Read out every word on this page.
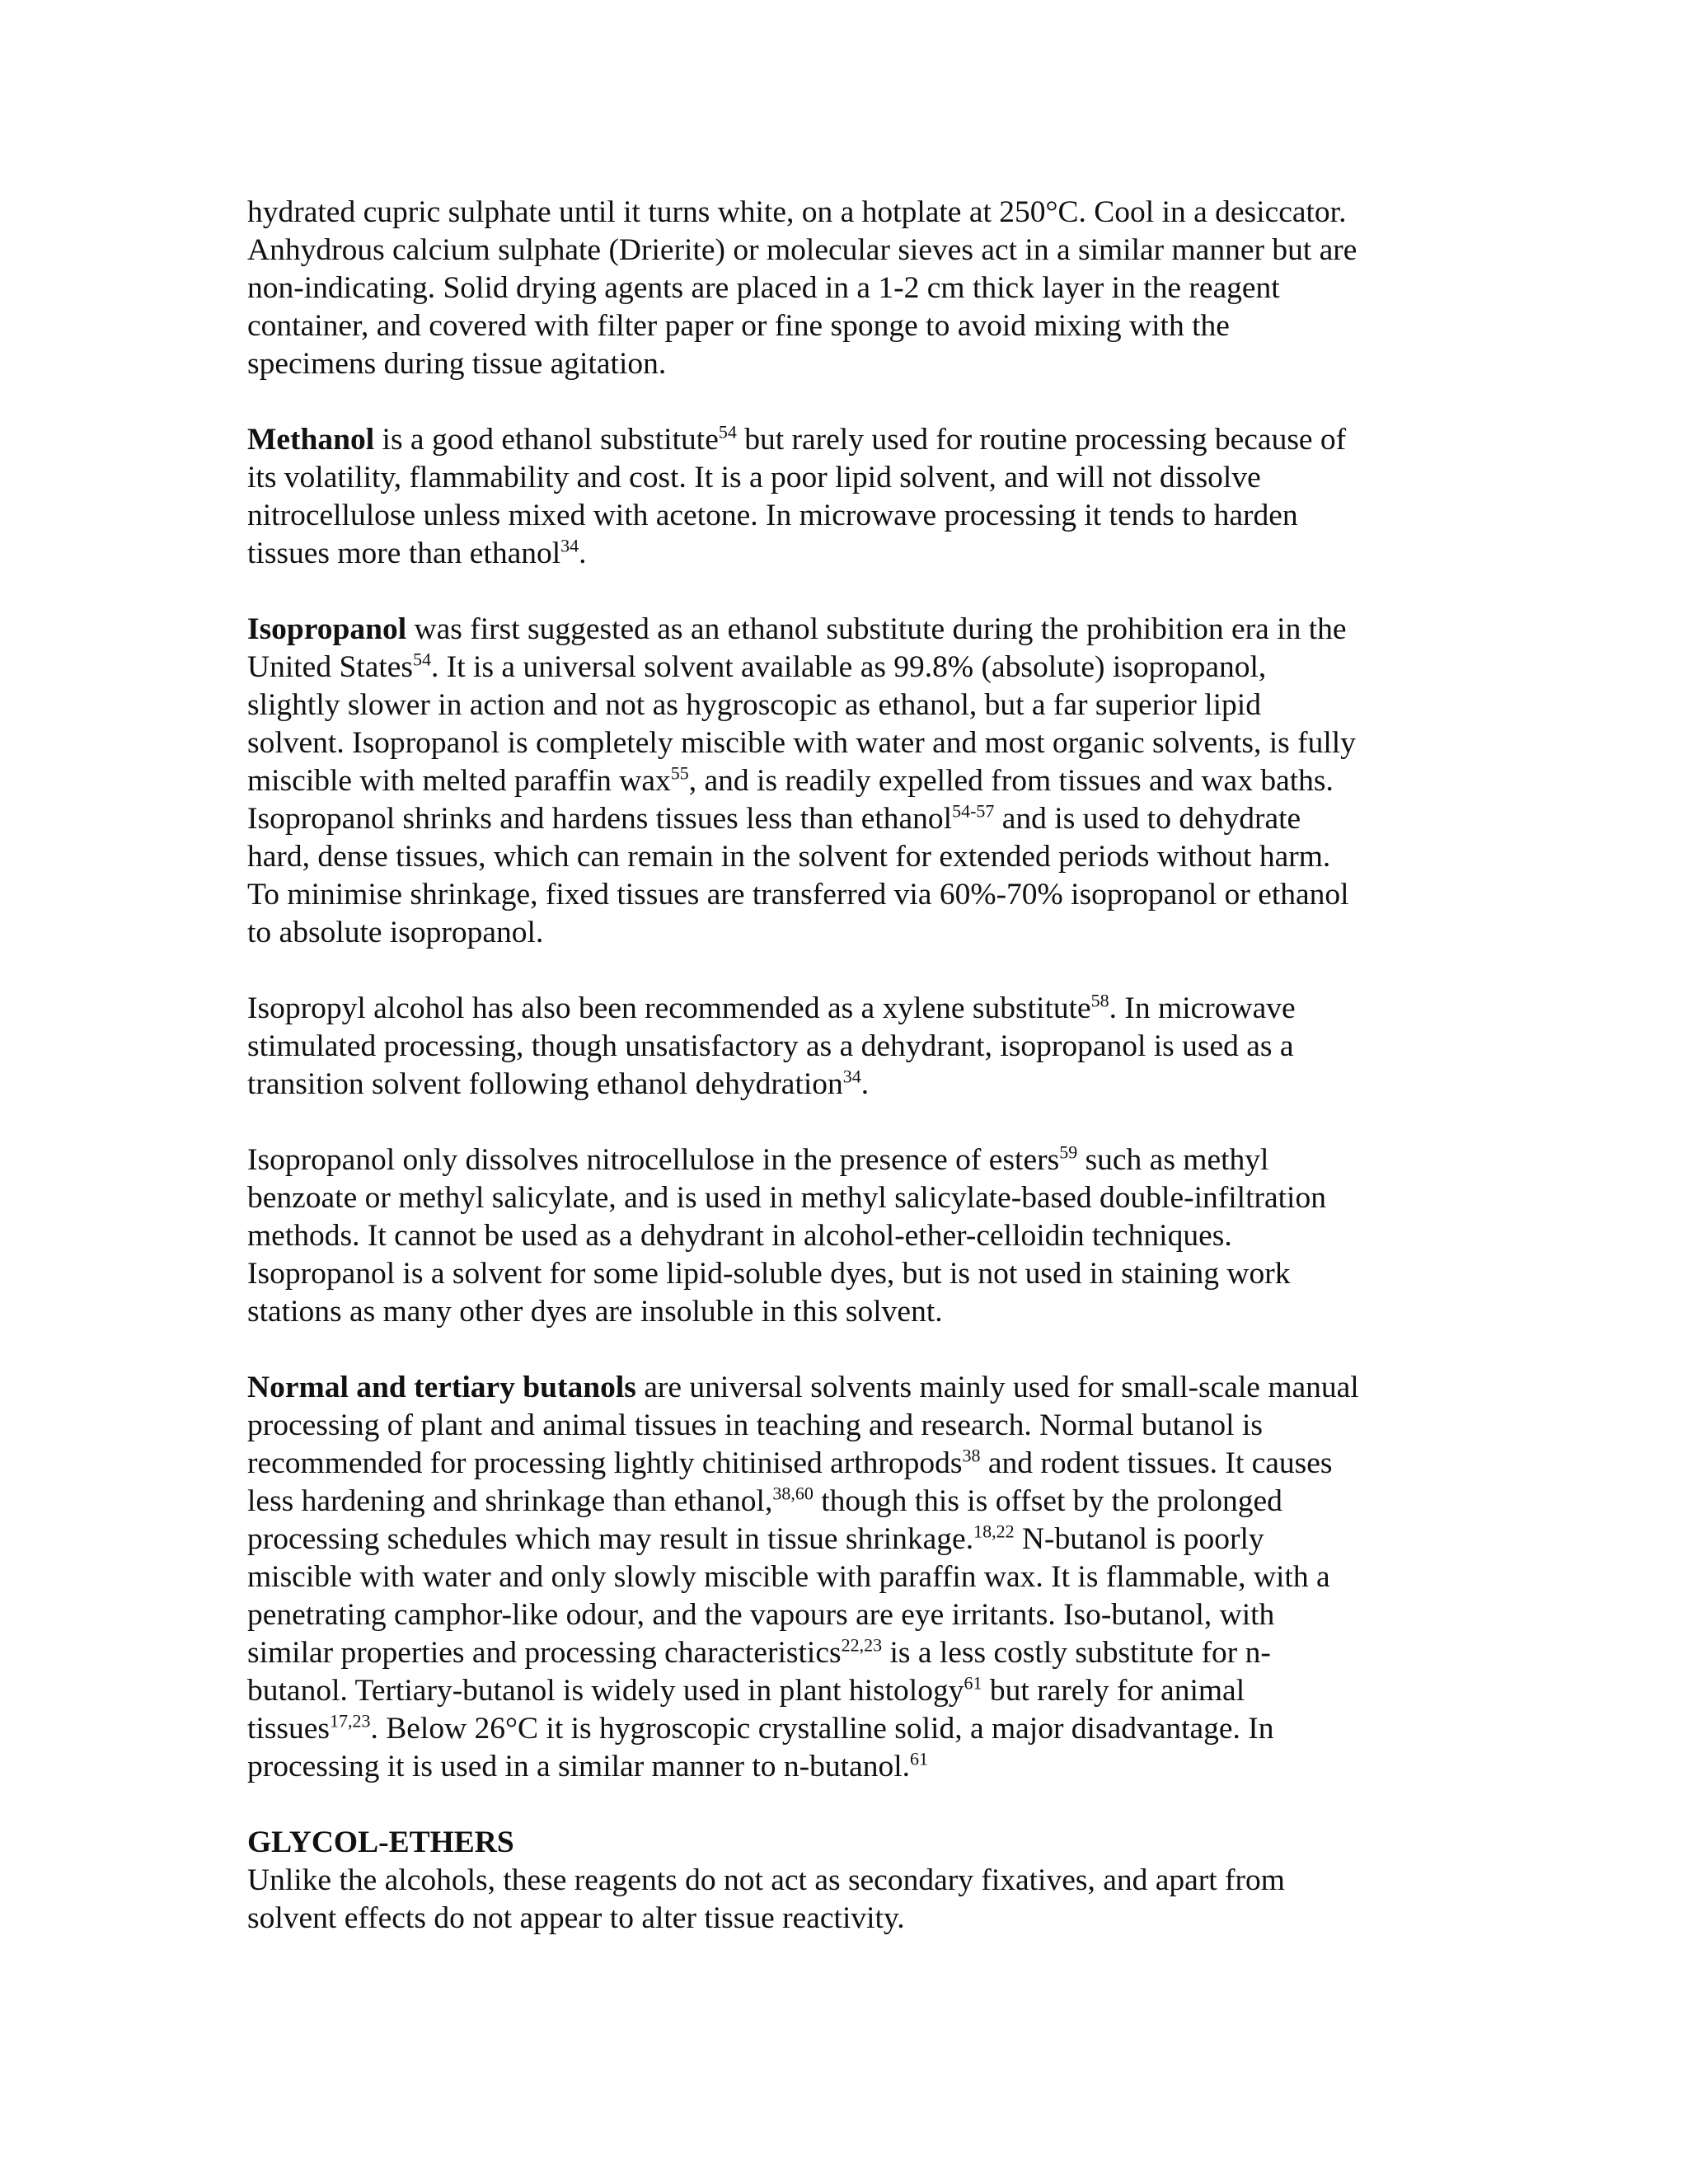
hydrated cupric sulphate until it turns white, on a hotplate at 250°C. Cool in a desiccator.
Anhydrous calcium sulphate (Drierite) or molecular sieves act in a similar manner but are
non-indicating. Solid drying agents are placed in a 1-2 cm thick layer in the reagent
container, and covered with filter paper or fine sponge to avoid mixing with the
specimens during tissue agitation.

Methanol is a good ethanol substitute$^{54}$ but rarely used for routine processing because of
its volatility, flammability and cost. It is a poor lipid solvent, and will not dissolve
nitrocellulose unless mixed with acetone. In microwave processing it tends to harden
tissues more than ethanol$^{34}$.

Isopropanol was first suggested as an ethanol substitute during the prohibition era in the
United States$^{54}$. It is a universal solvent available as 99.8% (absolute) isopropanol,
slightly slower in action and not as hygroscopic as ethanol, but a far superior lipid
solvent. Isopropanol is completely miscible with water and most organic solvents, is fully
miscible with melted paraffin wax$^{55}$, and is readily expelled from tissues and wax baths.
Isopropanol shrinks and hardens tissues less than ethanol$^{54-57}$ and is used to dehydrate
hard, dense tissues, which can remain in the solvent for extended periods without harm.
To minimise shrinkage, fixed tissues are transferred via 60%-70% isopropanol or ethanol
to absolute isopropanol.

Isopropyl alcohol has also been recommended as a xylene substitute$^{58}$. In microwave
stimulated processing, though unsatisfactory as a dehydrant, isopropanol is used as a
transition solvent following ethanol dehydration$^{34}$.

Isopropanol only dissolves nitrocellulose in the presence of esters$^{59}$ such as methyl
benzoate or methyl salicylate, and is used in methyl salicylate-based double-infiltration
methods. It cannot be used as a dehydrant in alcohol-ether-celloidin techniques.
Isopropanol is a solvent for some lipid-soluble dyes, but is not used in staining work
stations as many other dyes are insoluble in this solvent.

Normal and tertiary butanols are universal solvents mainly used for small-scale manual
processing of plant and animal tissues in teaching and research. Normal butanol is
recommended for processing lightly chitinised arthropods$^{38}$ and rodent tissues. It causes
less hardening and shrinkage than ethanol,$^{38,60}$ though this is offset by the prolonged
processing schedules which may result in tissue shrinkage.$^{18,22}$ N-butanol is poorly
miscible with water and only slowly miscible with paraffin wax. It is flammable, with a
penetrating camphor-like odour, and the vapours are eye irritants. Iso-butanol, with
similar properties and processing characteristics$^{22,23}$ is a less costly substitute for n-
butanol. Tertiary-butanol is widely used in plant histology$^{61}$ but rarely for animal
tissues$^{17,23}$. Below 26°C it is hygroscopic crystalline solid, a major disadvantage. In
processing it is used in a similar manner to n-butanol.$^{61}$

GLYCOL-ETHERS

Unlike the alcohols, these reagents do not act as secondary fixatives, and apart from
solvent effects do not appear to alter tissue reactivity.
